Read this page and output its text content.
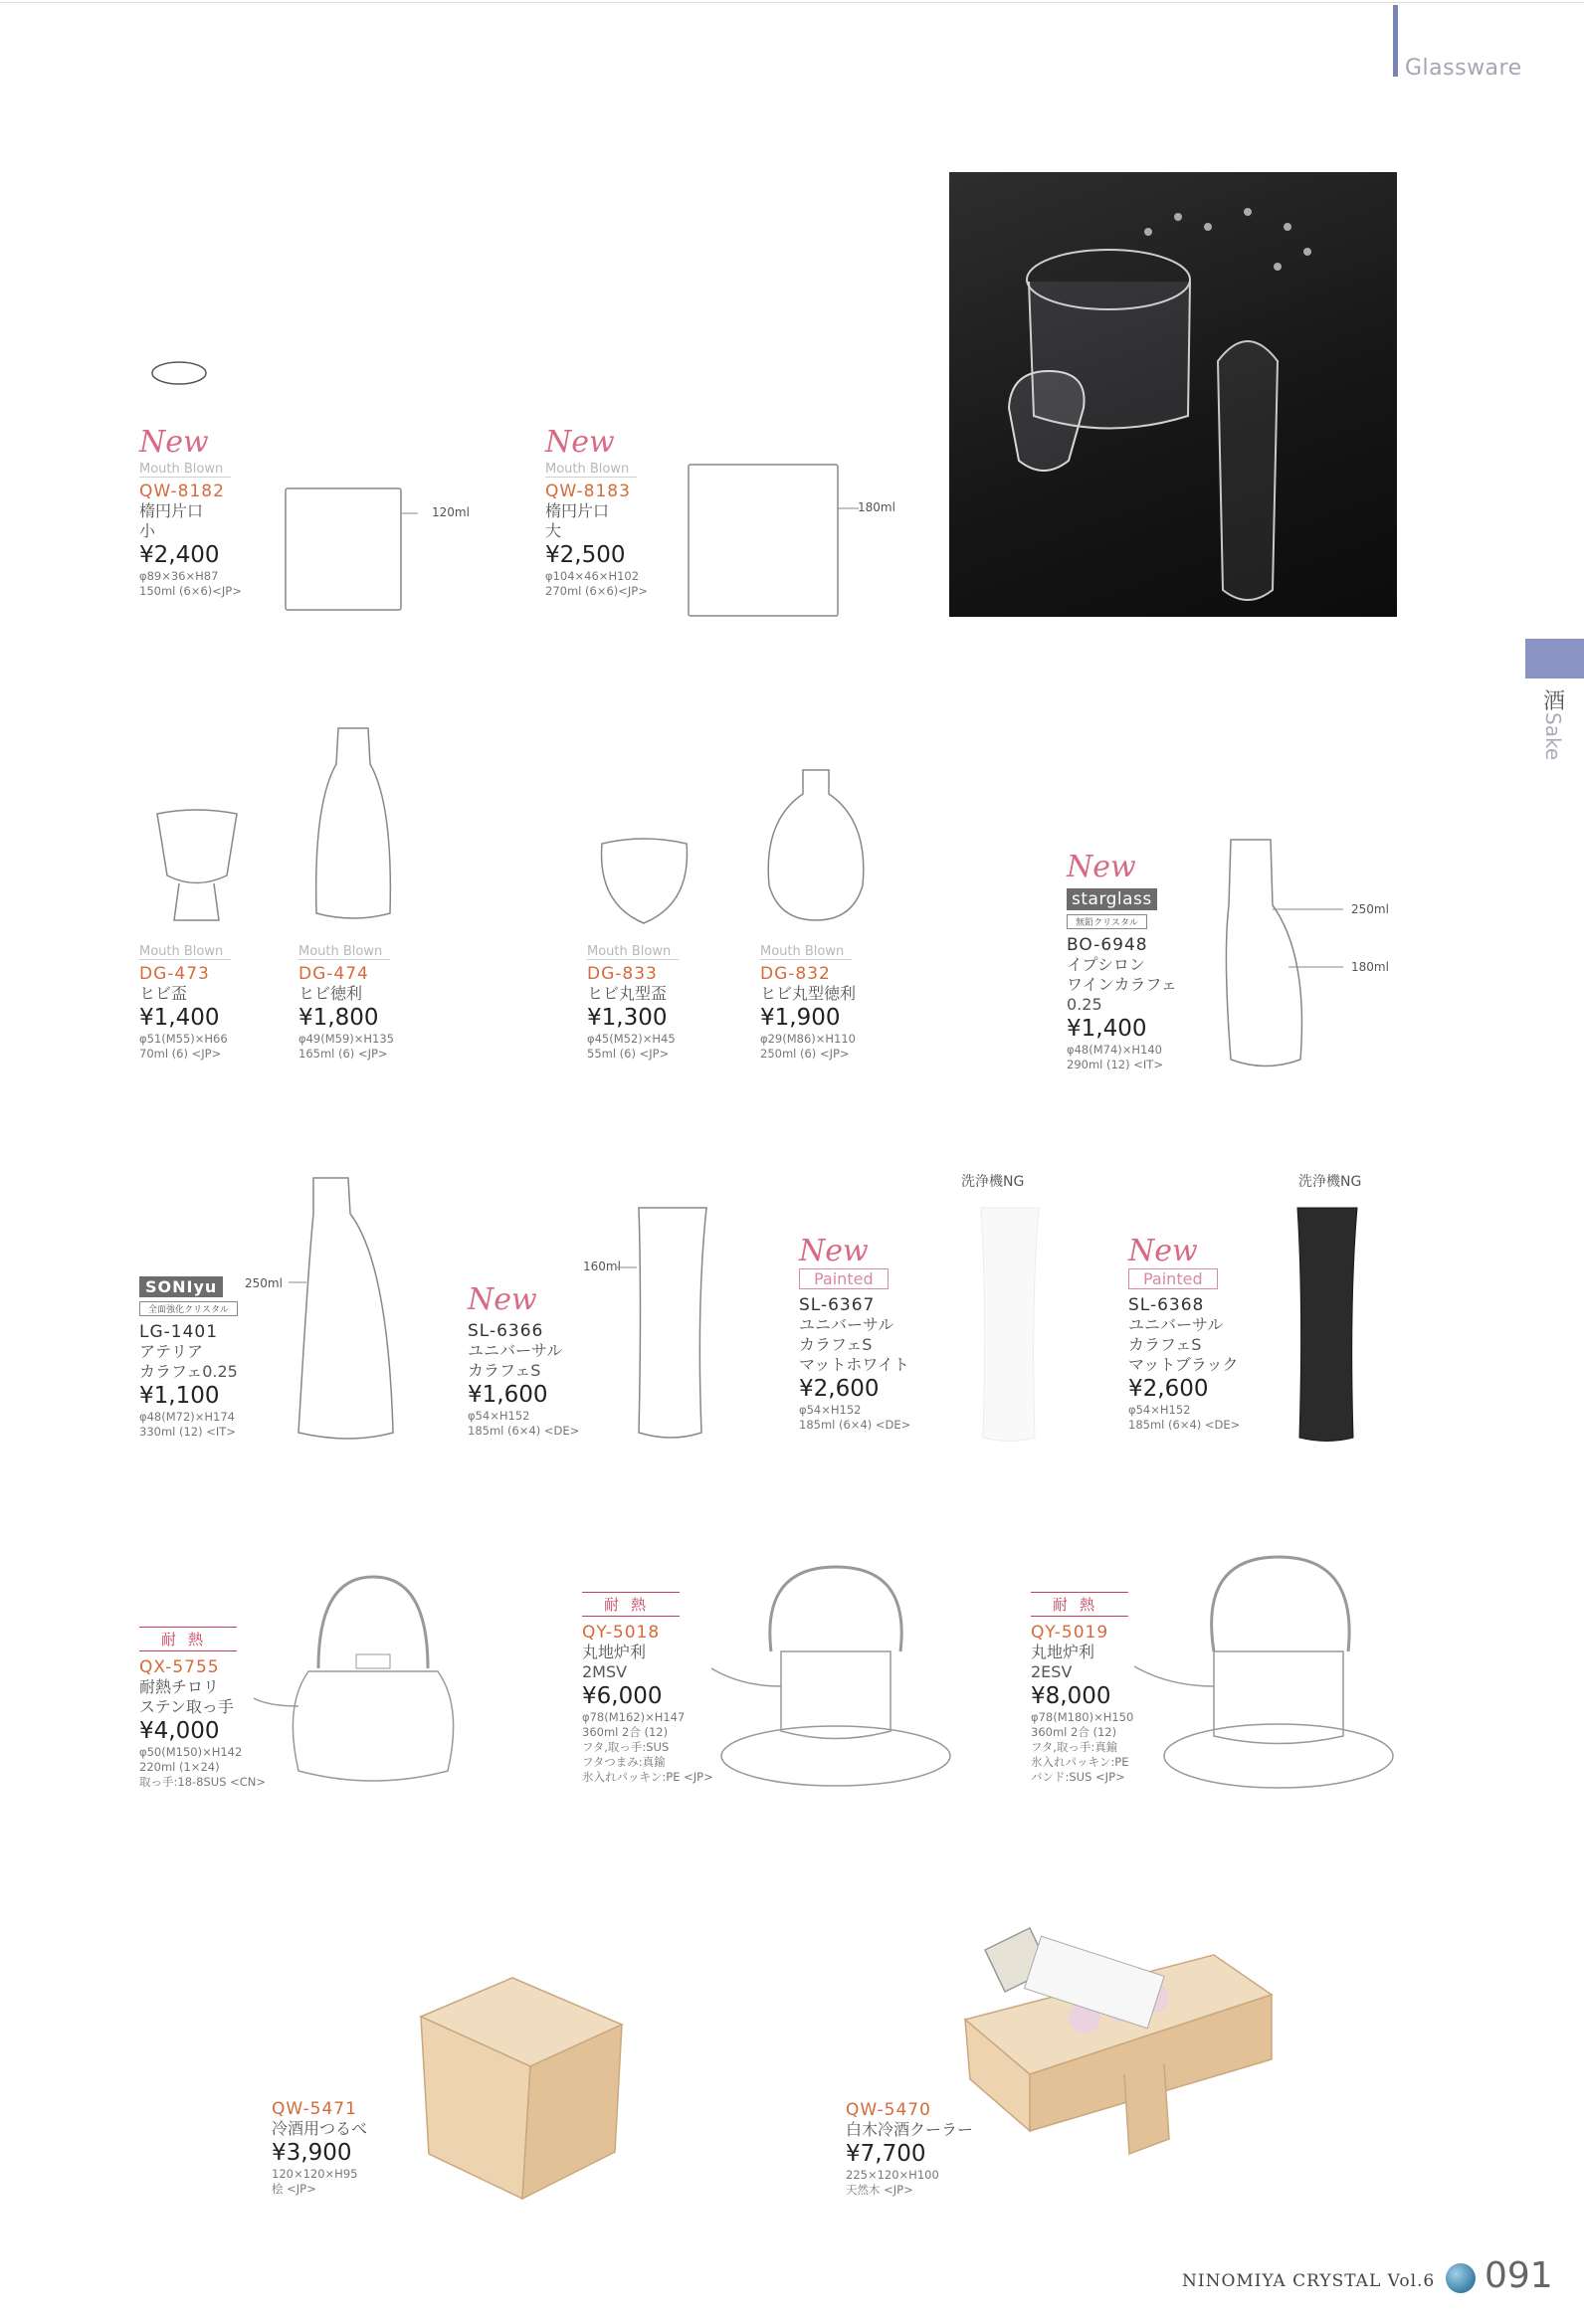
Glassware
酒
Sake
New
Mouth Blown
QW-8182
楕円片口
小
¥2,400
φ89×36×H87
150ml (6×6)<JP>
120ml
New
Mouth Blown
QW-8183
楕円片口
大
¥2,500
φ104×46×H102
270ml (6×6)<JP>
180ml
Mouth Blown
DG-473
ヒビ盃
¥1,400
φ51(M55)×H66
70ml (6) <JP>
Mouth Blown
DG-474
ヒビ徳利
¥1,800
φ49(M59)×H135
165ml (6) <JP>
Mouth Blown
DG-833
ヒビ丸型盃
¥1,300
φ45(M52)×H45
55ml (6) <JP>
Mouth Blown
DG-832
ヒビ丸型徳利
¥1,900
φ29(M86)×H110
250ml (6) <JP>
New
starglass
無鉛クリスタル
BO-6948
イプシロン
ワインカラフェ
0.25
¥1,400
φ48(M74)×H140
290ml (12) <IT>
250ml
180ml
SONIyu
全面強化クリスタル
LG-1401
アテリア
カラフェ0.25
¥1,100
φ48(M72)×H174
330ml (12) <IT>
250ml	New
SL-6366
ユニバーサル
カラフェS
¥1,600
φ54×H152
185ml (6×4) <DE>
160ml
洗浄機NG
New
Painted
SL-6367
ユニバーサル
カラフェS
マットホワイト
¥2,600
φ54×H152
185ml (6×4) <DE>
洗浄機NG
New
Painted
SL-6368
ユニバーサル
カラフェS
マットブラック
¥2,600
φ54×H152
185ml (6×4) <DE>
耐熱
QX-5755
耐熱チロリ
ステン取っ手
¥4,000
φ50(M150)×H142
220ml (1×24)
取っ手:18-8SUS <CN>
耐熱
QY-5018
丸地炉利
2MSV
¥6,000
φ78(M162)×H147
360ml 2合 (12)
フタ,取っ手:SUS
フタつまみ:真鍮
氷入れパッキン:PE <JP>
耐熱
QY-5019
丸地炉利
2ESV
¥8,000
φ78(M180)×H150
360ml 2合 (12)
フタ,取っ手:真鍮
氷入れパッキン:PE
バンド:SUS <JP>
QW-5471
冷酒用つるべ
¥3,900
120×120×H95
桧 <JP>
QW-5470
白木冷酒クーラー
¥7,700
225×120×H100
天然木 <JP>
NINOMIYA CRYSTAL Vol.6 091
